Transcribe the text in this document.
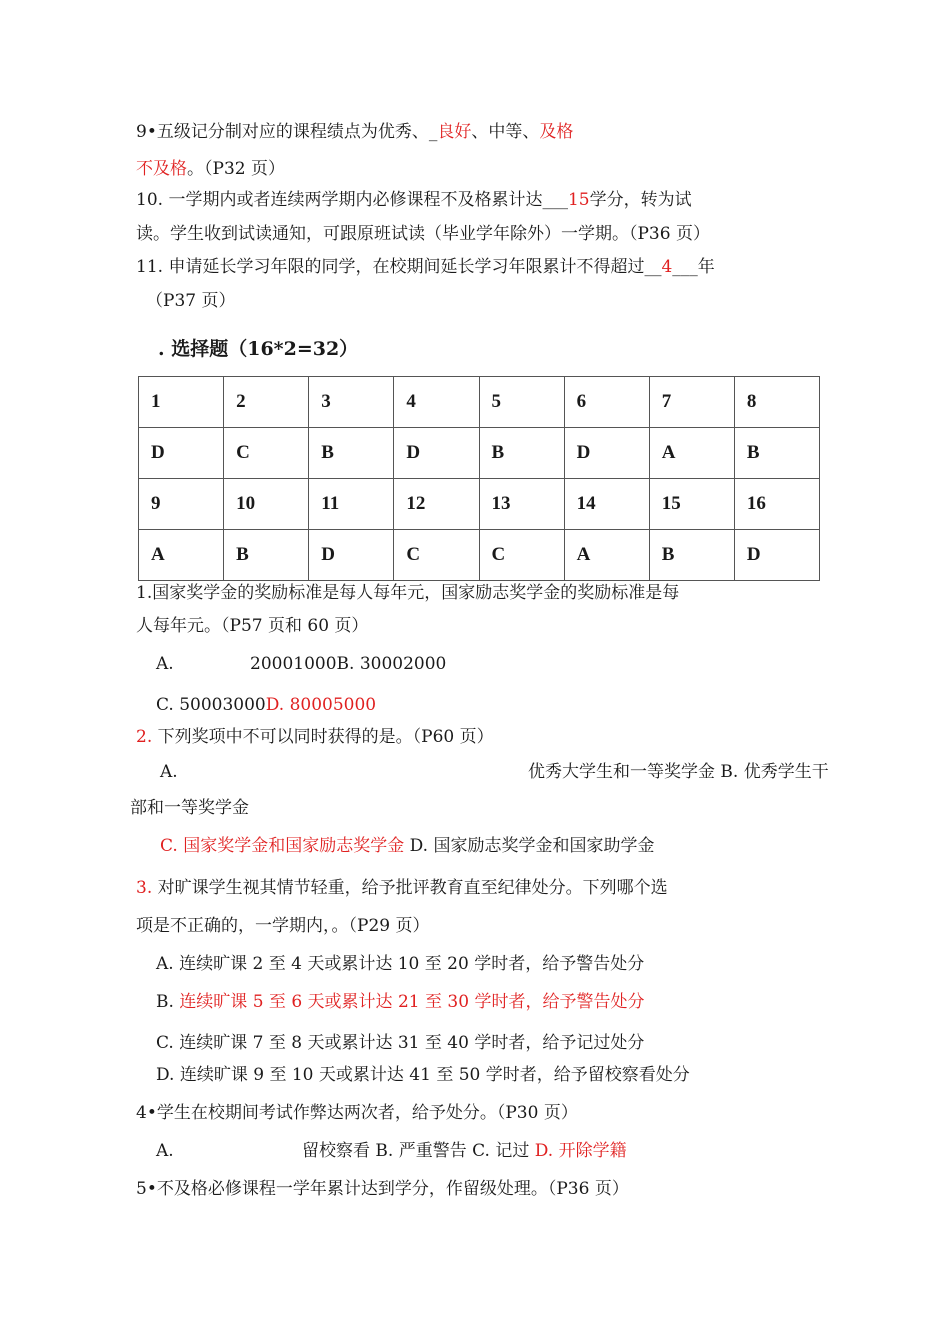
9•五级记分制对应的课程绩点为优秀、_良好、中等、及格
不及格。（P32 页）
10. 一学期内或者连续两学期内必修课程不及格累计达___15学分，转为试
读。学生收到试读通知，可跟原班试读（毕业学年除外）一学期。（P36 页）
11. 申请延长学习年限的同学，在校期间延长学习年限累计不得超过__4___年
（P37 页）
. 选择题（16*2=32）
1	2	3	4	5	6	7	8
D	C	B	D	B	D	A	B
9	10	11	12	13	14	15	16
A	B	D	C	C	A	B	D
1.国家奖学金的奖励标准是每人每年元，国家励志奖学金的奖励标准是每
人每年元。（P57 页和 60 页）
A.	20001000B. 30002000
C. 50003000D. 80005000
2. 下列奖项中不可以同时获得的是。（P60 页）
A.	优秀大学生和一等奖学金 B. 优秀学生干
部和一等奖学金
C. 国家奖学金和国家励志奖学金 D. 国家励志奖学金和国家助学金
3. 对旷课学生视其情节轻重，给予批评教育直至纪律处分。下列哪个选
项是不正确的，一学期内，。（P29 页）
A. 连续旷课 2 至 4 天或累计达 10 至 20 学时者，给予警告处分
B. 连续旷课 5 至 6 天或累计达 21 至 30 学时者，给予警告处分
C. 连续旷课 7 至 8 天或累计达 31 至 40 学时者，给予记过处分
D. 连续旷课 9 至 10 天或累计达 41 至 50 学时者，给予留校察看处分
4•学生在校期间考试作弊达两次者，给予处分。（P30 页）
A.	留校察看 B. 严重警告 C. 记过 D. 开除学籍
5•不及格必修课程一学年累计达到学分，作留级处理。（P36 页）
